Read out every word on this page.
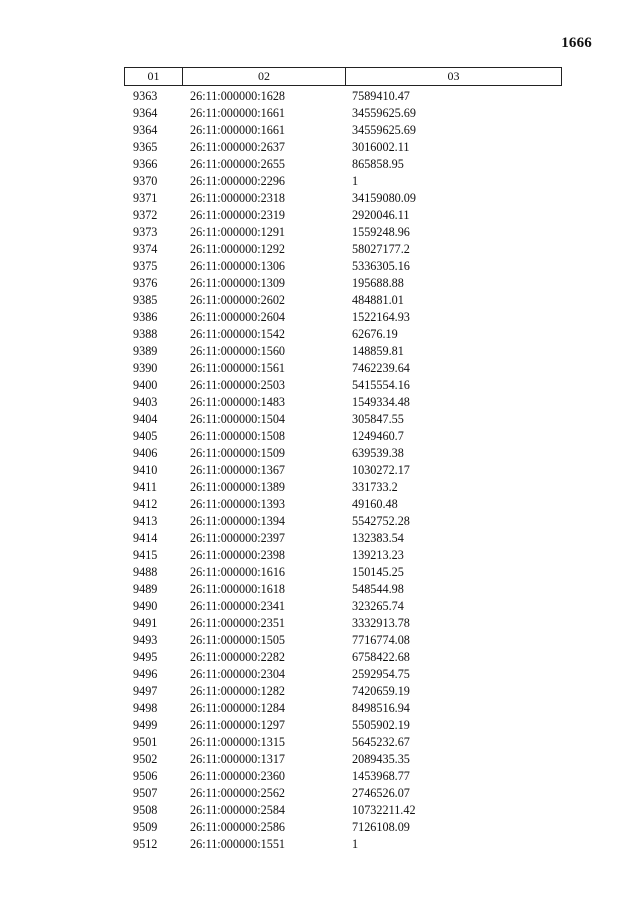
1666
01	02	03
9363	26:11:000000:1628	7589410.47
9364	26:11:000000:1661	34559625.69
9364	26:11:000000:1661	34559625.69
9365	26:11:000000:2637	3016002.11
9366	26:11:000000:2655	865858.95
9370	26:11:000000:2296	1
9371	26:11:000000:2318	34159080.09
9372	26:11:000000:2319	2920046.11
9373	26:11:000000:1291	1559248.96
9374	26:11:000000:1292	58027177.2
9375	26:11:000000:1306	5336305.16
9376	26:11:000000:1309	195688.88
9385	26:11:000000:2602	484881.01
9386	26:11:000000:2604	1522164.93
9388	26:11:000000:1542	62676.19
9389	26:11:000000:1560	148859.81
9390	26:11:000000:1561	7462239.64
9400	26:11:000000:2503	5415554.16
9403	26:11:000000:1483	1549334.48
9404	26:11:000000:1504	305847.55
9405	26:11:000000:1508	1249460.7
9406	26:11:000000:1509	639539.38
9410	26:11:000000:1367	1030272.17
9411	26:11:000000:1389	331733.2
9412	26:11:000000:1393	49160.48
9413	26:11:000000:1394	5542752.28
9414	26:11:000000:2397	132383.54
9415	26:11:000000:2398	139213.23
9488	26:11:000000:1616	150145.25
9489	26:11:000000:1618	548544.98
9490	26:11:000000:2341	323265.74
9491	26:11:000000:2351	3332913.78
9493	26:11:000000:1505	7716774.08
9495	26:11:000000:2282	6758422.68
9496	26:11:000000:2304	2592954.75
9497	26:11:000000:1282	7420659.19
9498	26:11:000000:1284	8498516.94
9499	26:11:000000:1297	5505902.19
9501	26:11:000000:1315	5645232.67
9502	26:11:000000:1317	2089435.35
9506	26:11:000000:2360	1453968.77
9507	26:11:000000:2562	2746526.07
9508	26:11:000000:2584	10732211.42
9509	26:11:000000:2586	7126108.09
9512	26:11:000000:1551	1
